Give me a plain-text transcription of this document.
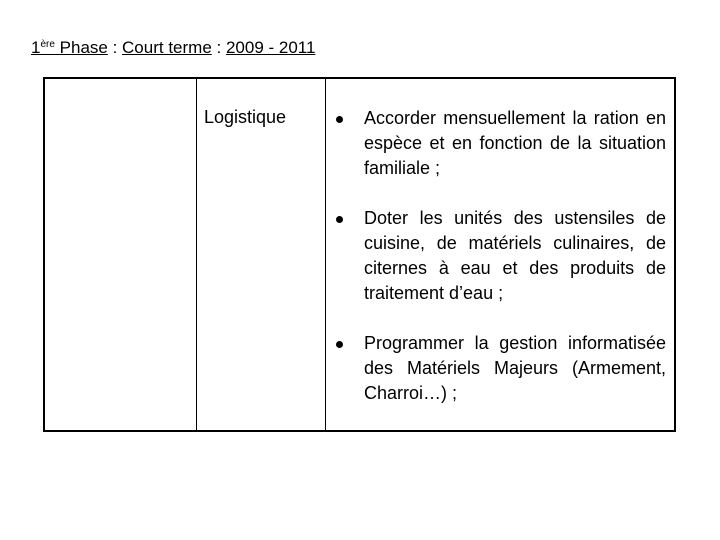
1ère Phase : Court terme : 2009 - 2011
Logistique	Accorder mensuellement la ration en espèce et en fonction de la situation familiale ;
Doter les unités des ustensiles de cuisine, de matériels culinaires, de citernes à eau et des produits de traitement d’eau ;
Programmer la gestion informatisée des Matériels Majeurs (Armement, Charroi…) ;
